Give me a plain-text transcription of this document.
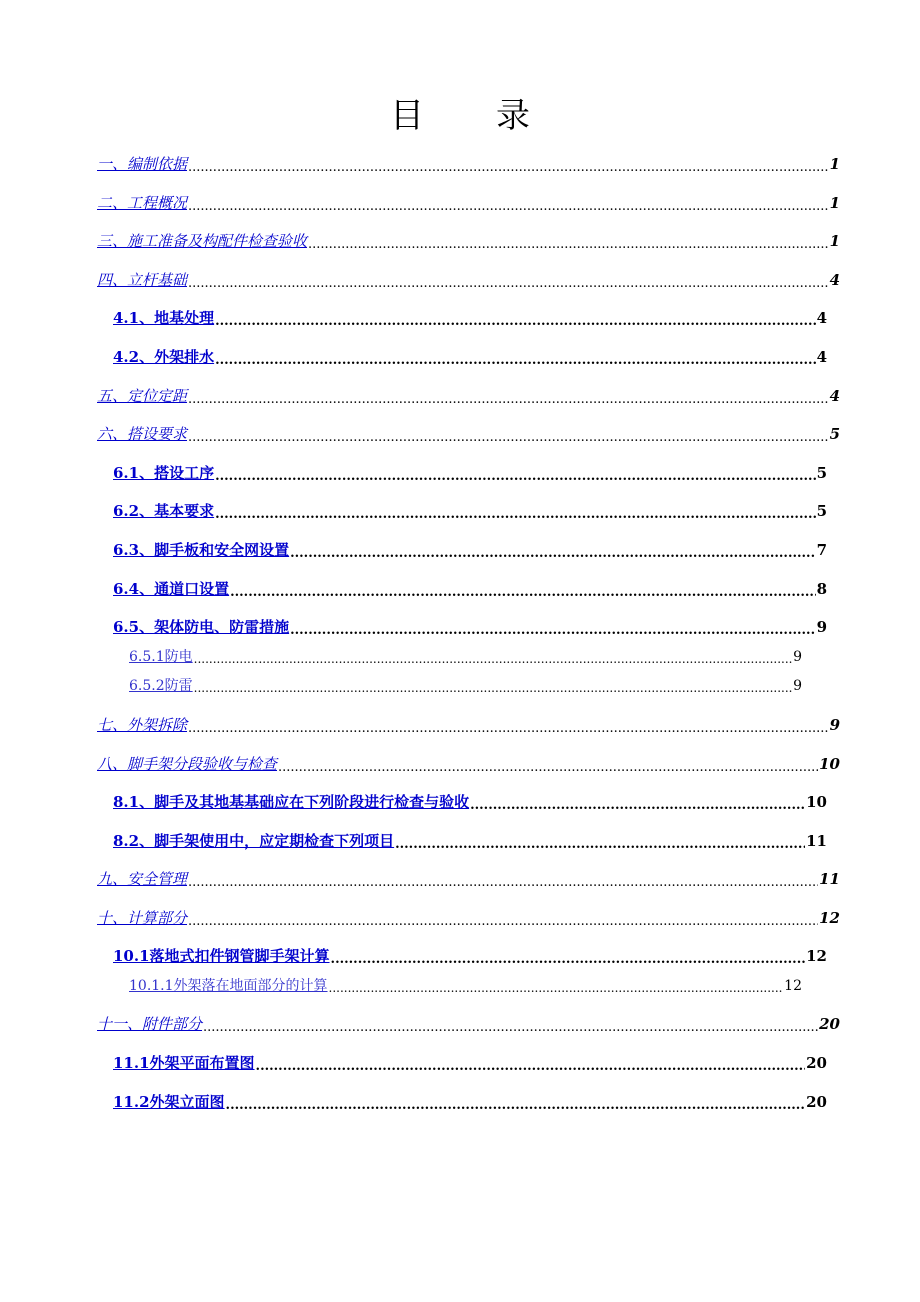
目 录
一、编制依据 .....	1
二、工程概况 .....	1
三、施工准备及构配件检查验收 .....	1
四、立杆基础 .....	4
4.1、地基处理 .....	4
4.2、外架排水 .....	4
五、定位定距 .....	4
六、搭设要求 .....	5
6.1、搭设工序 .....	5
6.2、基本要求 .....	5
6.3、脚手板和安全网设置 .....	7
6.4、通道口设置 .....	8
6.5、架体防电、防雷措施 .....	9
6.5.1防电 .....	9
6.5.2防雷 .....	9
七、外架拆除 .....	9
八、脚手架分段验收与检查 .....	10
8.1、脚手及其地基基础应在下列阶段进行检查与验收 .....	10
8.2、脚手架使用中，应定期检查下列项目 .....	11
九、安全管理 .....	11
十、计算部分 .....	12
10.1落地式扣件钢管脚手架计算 .....	12
10.1.1外架落在地面部分的计算 .....	12
十一、附件部分 .....	20
11.1外架平面布置图 .....	20
11.2外架立面图 .....	20
